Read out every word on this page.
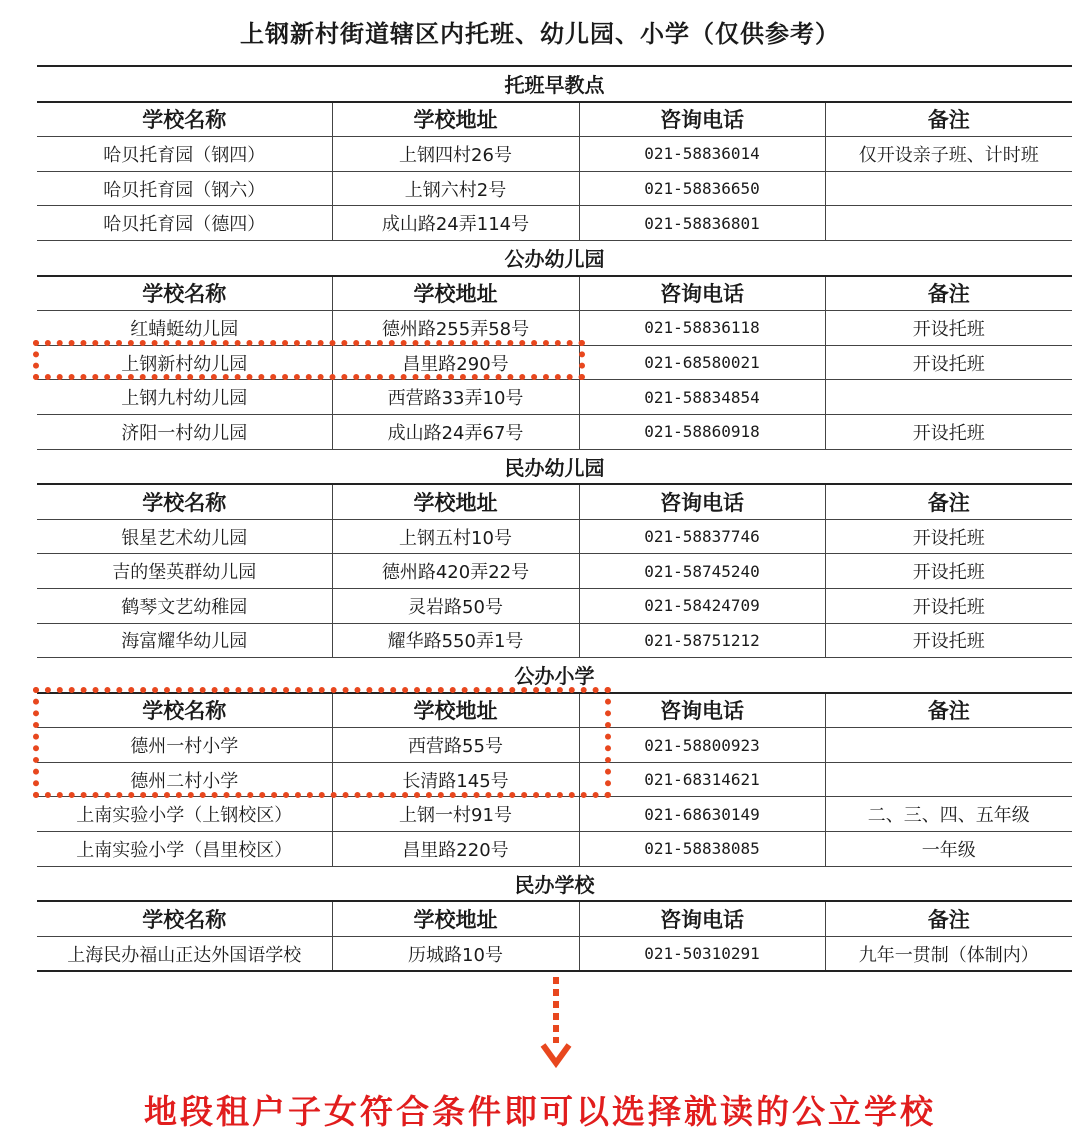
上钢新村街道辖区内托班、幼儿园、小学（仅供参考）
托班早教点			
学校名称	学校地址	咨询电话	备注
哈贝托育园（钢四）	上钢四村26号	021-58836014	仅开设亲子班、计时班
哈贝托育园（钢六）	上钢六村2号	021-58836650	
哈贝托育园（德四）	成山路24弄114号	021-58836801	
公办幼儿园			
学校名称	学校地址	咨询电话	备注
红蜻蜓幼儿园	德州路255弄58号	021-58836118	开设托班
上钢新村幼儿园	昌里路290号	021-68580021	开设托班
上钢九村幼儿园	西营路33弄10号	021-58834854	
济阳一村幼儿园	成山路24弄67号	021-58860918	开设托班
民办幼儿园			
学校名称	学校地址	咨询电话	备注
银星艺术幼儿园	上钢五村10号	021-58837746	开设托班
吉的堡英群幼儿园	德州路420弄22号	021-58745240	开设托班
鹤琴文艺幼稚园	灵岩路50号	021-58424709	开设托班
海富耀华幼儿园	耀华路550弄1号	021-58751212	开设托班
公办小学			
学校名称	学校地址	咨询电话	备注
德州一村小学	西营路55号	021-58800923	
德州二村小学	长清路145号	021-68314621	
上南实验小学（上钢校区）	上钢一村91号	021-68630149	二、三、四、五年级
上南实验小学（昌里校区）	昌里路220号	021-58838085	一年级
民办学校			
学校名称	学校地址	咨询电话	备注
上海民办福山正达外国语学校	历城路10号	021-50310291	九年一贯制（体制内）
地段租户子女符合条件即可以选择就读的公立学校
